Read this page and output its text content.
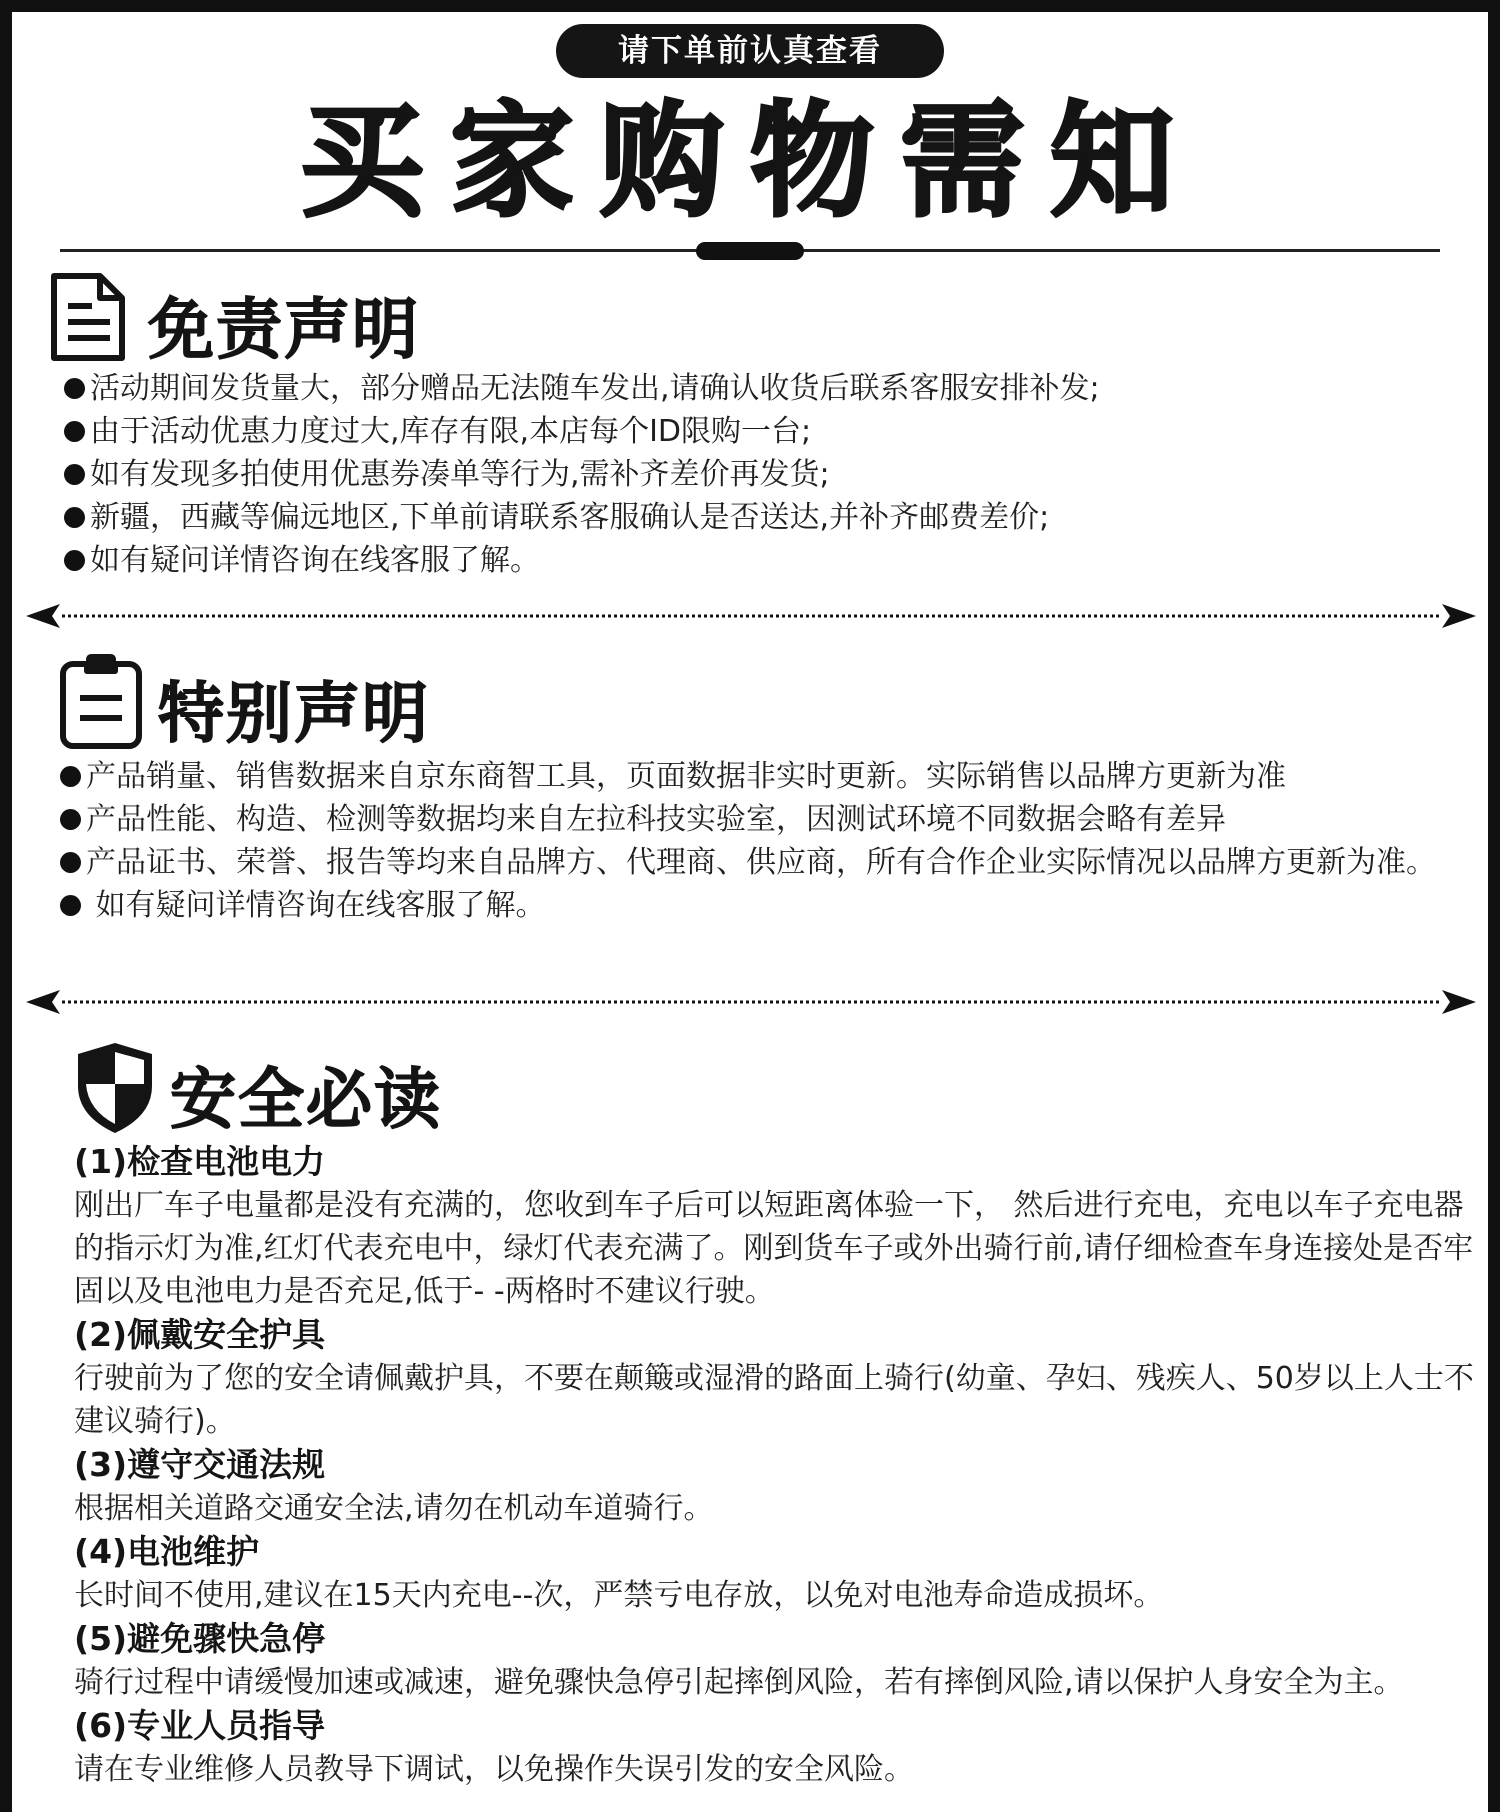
请下单前认真查看
买家购物需知
免责声明
活动期间发货量大，部分赠品无法随车发出,请确认收货后联系客服安排补发;
由于活动优惠力度过大,库存有限,本店每个ID限购一台;
如有发现多拍使用优惠券凑单等行为,需补齐差价再发货;
新疆，西藏等偏远地区,下单前请联系客服确认是否送达,并补齐邮费差价;
如有疑问详情咨询在线客服了解。
特别声明
产品销量、销售数据来自京东商智工具，页面数据非实时更新。实际销售以品牌方更新为准
产品性能、构造、检测等数据均来自左拉科技实验室，因测试环境不同数据会略有差异
产品证书、荣誉、报告等均来自品牌方、代理商、供应商，所有合作企业实际情况以品牌方更新为准。
如有疑问详情咨询在线客服了解。
安全必读
(1)检查电池电力
刚出厂车子电量都是没有充满的，您收到车子后可以短距离体验一下， 然后进行充电，充电以车子充电器的指示灯为准,红灯代表充电中，绿灯代表充满了。刚到货车子或外出骑行前,请仔细检查车身连接处是否牢固以及电池电力是否充足,低于- -两格时不建议行驶。
(2)佩戴安全护具
行驶前为了您的安全请佩戴护具，不要在颠簸或湿滑的路面上骑行(幼童、孕妇、残疾人、50岁以上人士不建议骑行)。
(3)遵守交通法规
根据相关道路交通安全法,请勿在机动车道骑行。
(4)电池维护
长时间不使用,建议在15天内充电--次，严禁亏电存放，以免对电池寿命造成损坏。
(5)避免骤快急停
骑行过程中请缓慢加速或减速，避免骤快急停引起摔倒风险，若有摔倒风险,请以保护人身安全为主。
(6)专业人员指导
请在专业维修人员教导下调试，以免操作失误引发的安全风险。
